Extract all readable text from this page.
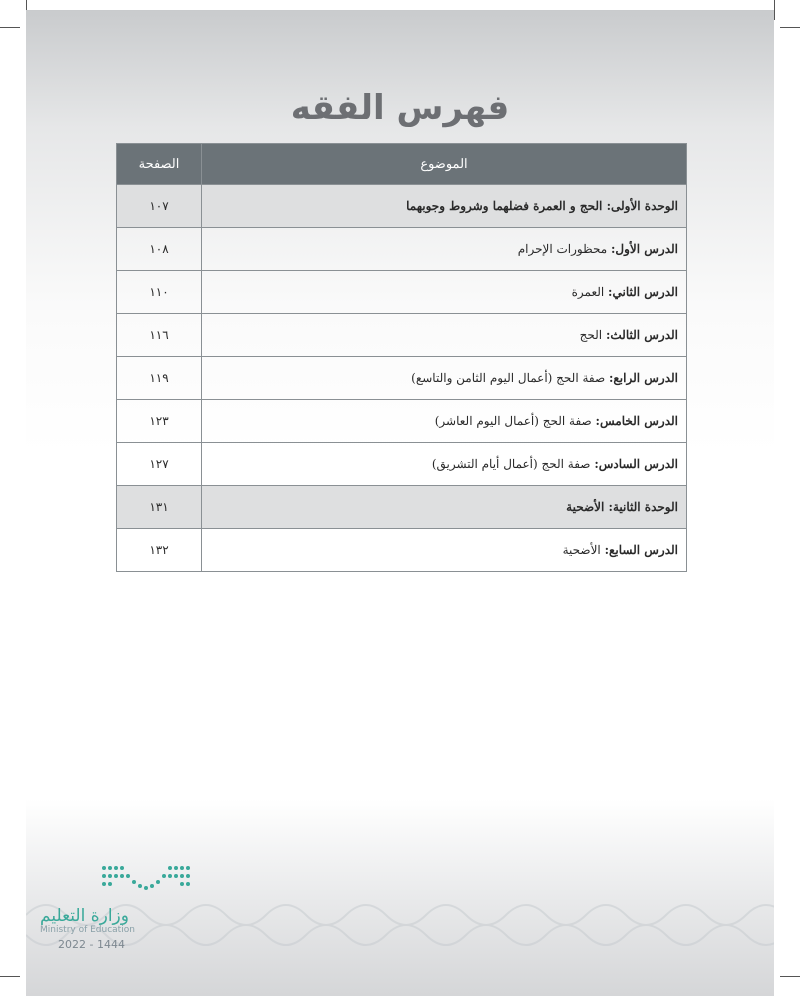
فهرس الفقه
الموضوع	الصفحة
الوحدة الأولى: الحج و العمرة فضلهما وشروط وجوبهما	١٠٧
الدرس الأول: محظورات الإحرام	١٠٨
الدرس الثاني: العمرة	١١٠
الدرس الثالث: الحج	١١٦
الدرس الرابع: صفة الحج (أعمال اليوم الثامن والتاسع)	١١٩
الدرس الخامس: صفة الحج (أعمال اليوم العاشر)	١٢٣
الدرس السادس: صفة الحج (أعمال أيام التشريق)	١٢٧
الوحدة الثانية: الأضحية	١٣١
الدرس السابع: الأضحية	١٣٢
وزارة التعليم
Ministry of Education
2022 - 1444
